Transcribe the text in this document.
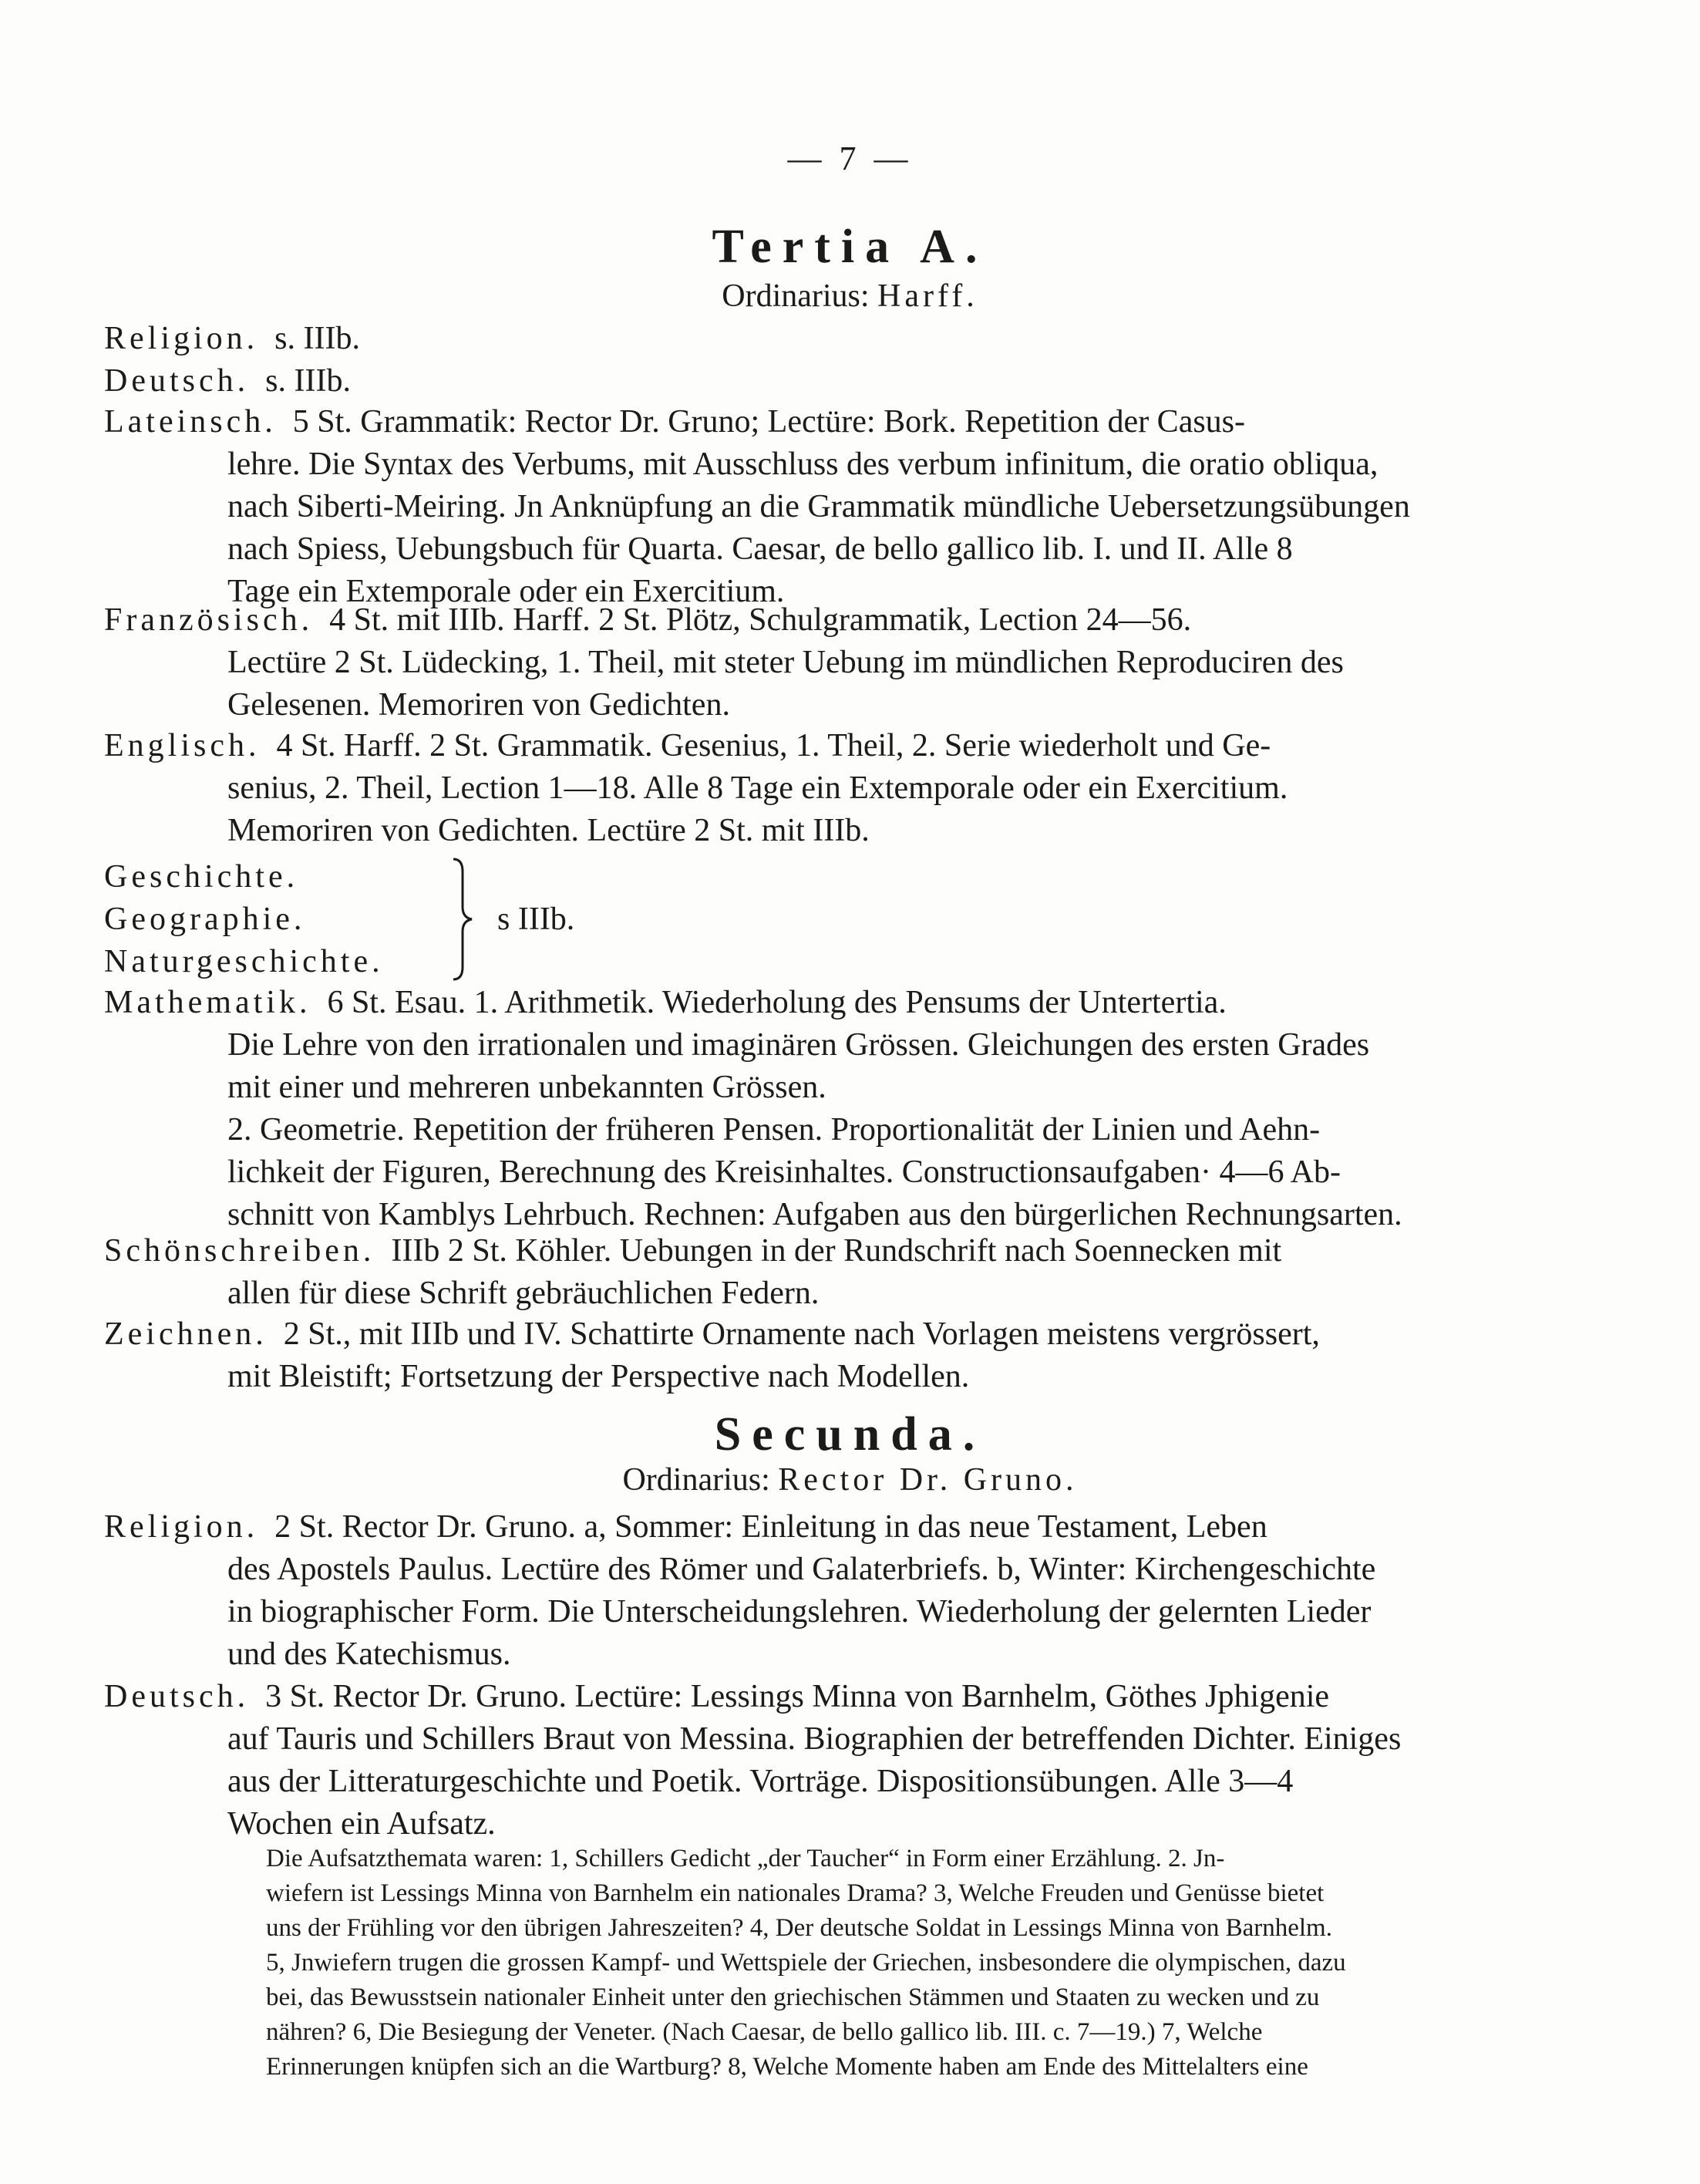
— 7 —
Tertia A.
Ordinarius: Harff.
Religion. s. IIIb.
Deutsch. s. IIIb.
Lateinsch. 5 St. Grammatik: Rector Dr. Gruno; Lectüre: Bork. Repetition der Casus-
lehre. Die Syntax des Verbums, mit Ausschluss des verbum infinitum, die oratio obliqua,
nach Siberti-Meiring. Jn Anknüpfung an die Grammatik mündliche Uebersetzungsübungen
nach Spiess, Uebungsbuch für Quarta. Caesar, de bello gallico lib. I. und II. Alle 8
Tage ein Extemporale oder ein Exercitium.
Französisch. 4 St. mit IIIb. Harff. 2 St. Plötz, Schulgrammatik, Lection 24—56.
Lectüre 2 St. Lüdecking, 1. Theil, mit steter Uebung im mündlichen Reproduciren des
Gelesenen. Memoriren von Gedichten.
Englisch. 4 St. Harff. 2 St. Grammatik. Gesenius, 1. Theil, 2. Serie wiederholt und Ge-
senius, 2. Theil, Lection 1—18. Alle 8 Tage ein Extemporale oder ein Exercitium.
Memoriren von Gedichten. Lectüre 2 St. mit IIIb.
Geschichte.
Geographie.
Naturgeschichte.
s IIIb.
Mathematik. 6 St. Esau. 1. Arithmetik. Wiederholung des Pensums der Untertertia.
Die Lehre von den irrationalen und imaginären Grössen. Gleichungen des ersten Grades
mit einer und mehreren unbekannten Grössen.
2. Geometrie. Repetition der früheren Pensen. Proportionalität der Linien und Aehn-
lichkeit der Figuren, Berechnung des Kreisinhaltes. Constructionsaufgaben· 4—6 Ab-
schnitt von Kamblys Lehrbuch. Rechnen: Aufgaben aus den bürgerlichen Rechnungsarten.
Schönschreiben. IIIb 2 St. Köhler. Uebungen in der Rundschrift nach Soennecken mit
allen für diese Schrift gebräuchlichen Federn.
Zeichnen. 2 St., mit IIIb und IV. Schattirte Ornamente nach Vorlagen meistens vergrössert,
mit Bleistift; Fortsetzung der Perspective nach Modellen.
Secunda.
Ordinarius: Rector Dr. Gruno.
Religion. 2 St. Rector Dr. Gruno. a, Sommer: Einleitung in das neue Testament, Leben
des Apostels Paulus. Lectüre des Römer und Galaterbriefs. b, Winter: Kirchengeschichte
in biographischer Form. Die Unterscheidungslehren. Wiederholung der gelernten Lieder
und des Katechismus.
Deutsch. 3 St. Rector Dr. Gruno. Lectüre: Lessings Minna von Barnhelm, Göthes Jphigenie
auf Tauris und Schillers Braut von Messina. Biographien der betreffenden Dichter. Einiges
aus der Litteraturgeschichte und Poetik. Vorträge. Dispositionsübungen. Alle 3—4
Wochen ein Aufsatz.
Die Aufsatzthemata waren: 1, Schillers Gedicht „der Taucher“ in Form einer Erzählung. 2. Jn-
wiefern ist Lessings Minna von Barnhelm ein nationales Drama? 3, Welche Freuden und Genüsse bietet
uns der Frühling vor den übrigen Jahreszeiten? 4, Der deutsche Soldat in Lessings Minna von Barnhelm.
5, Jnwiefern trugen die grossen Kampf- und Wettspiele der Griechen, insbesondere die olympischen, dazu
bei, das Bewusstsein nationaler Einheit unter den griechischen Stämmen und Staaten zu wecken und zu
nähren? 6, Die Besiegung der Veneter. (Nach Caesar, de bello gallico lib. III. c. 7—19.) 7, Welche
Erinnerungen knüpfen sich an die Wartburg? 8, Welche Momente haben am Ende des Mittelalters eine
